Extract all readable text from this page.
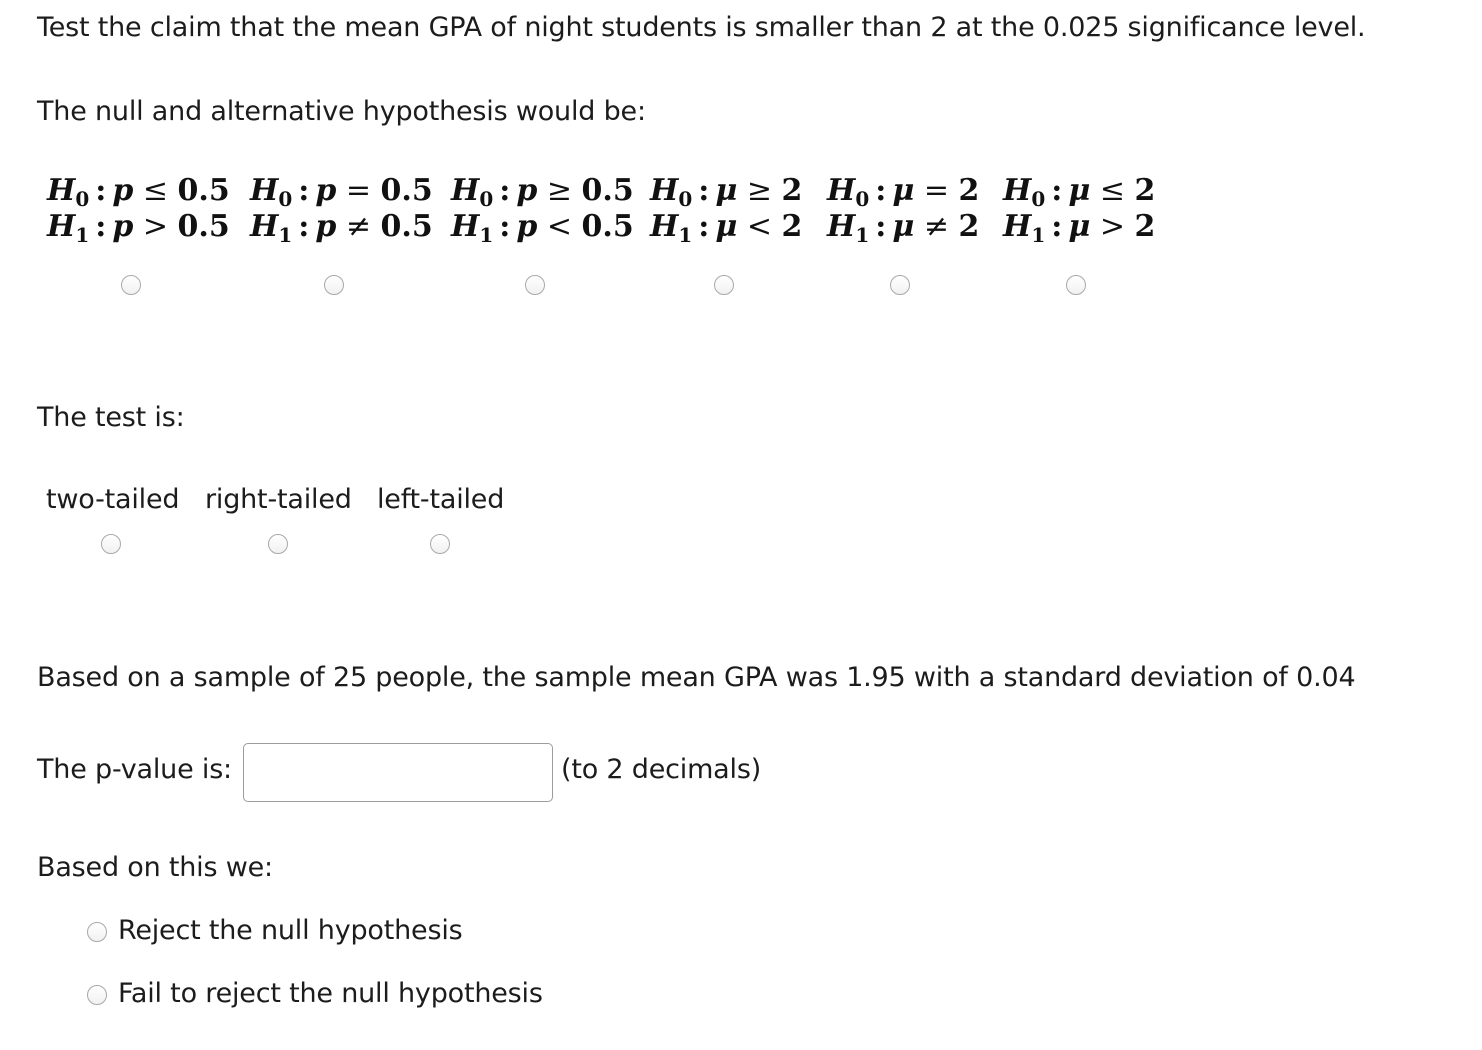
Test the claim that the mean GPA of night students is smaller than 2 at the 0.025 significance level.
The null and alternative hypothesis would be:
$H_0$ : p ≤ 0.5
$H_1$ : p > 0.5
$H_0$ : p = 0.5
$H_1$ : p ≠ 0.5
$H_0$ : p ≥ 0.5
$H_1$ : p < 0.5
$H_0$ : μ ≥ 2
$H_1$ : μ < 2
$H_0$ : μ = 2
$H_1$ : μ ≠ 2
$H_0$ : μ ≤ 2
$H_1$ : μ > 2
The test is:
two-tailed right-tailed left-tailed
Based on a sample of 25 people, the sample mean GPA was 1.95 with a standard deviation of 0.04
The p-value is:	(to 2 decimals)
Based on this we:
Reject the null hypothesis
Fail to reject the null hypothesis
